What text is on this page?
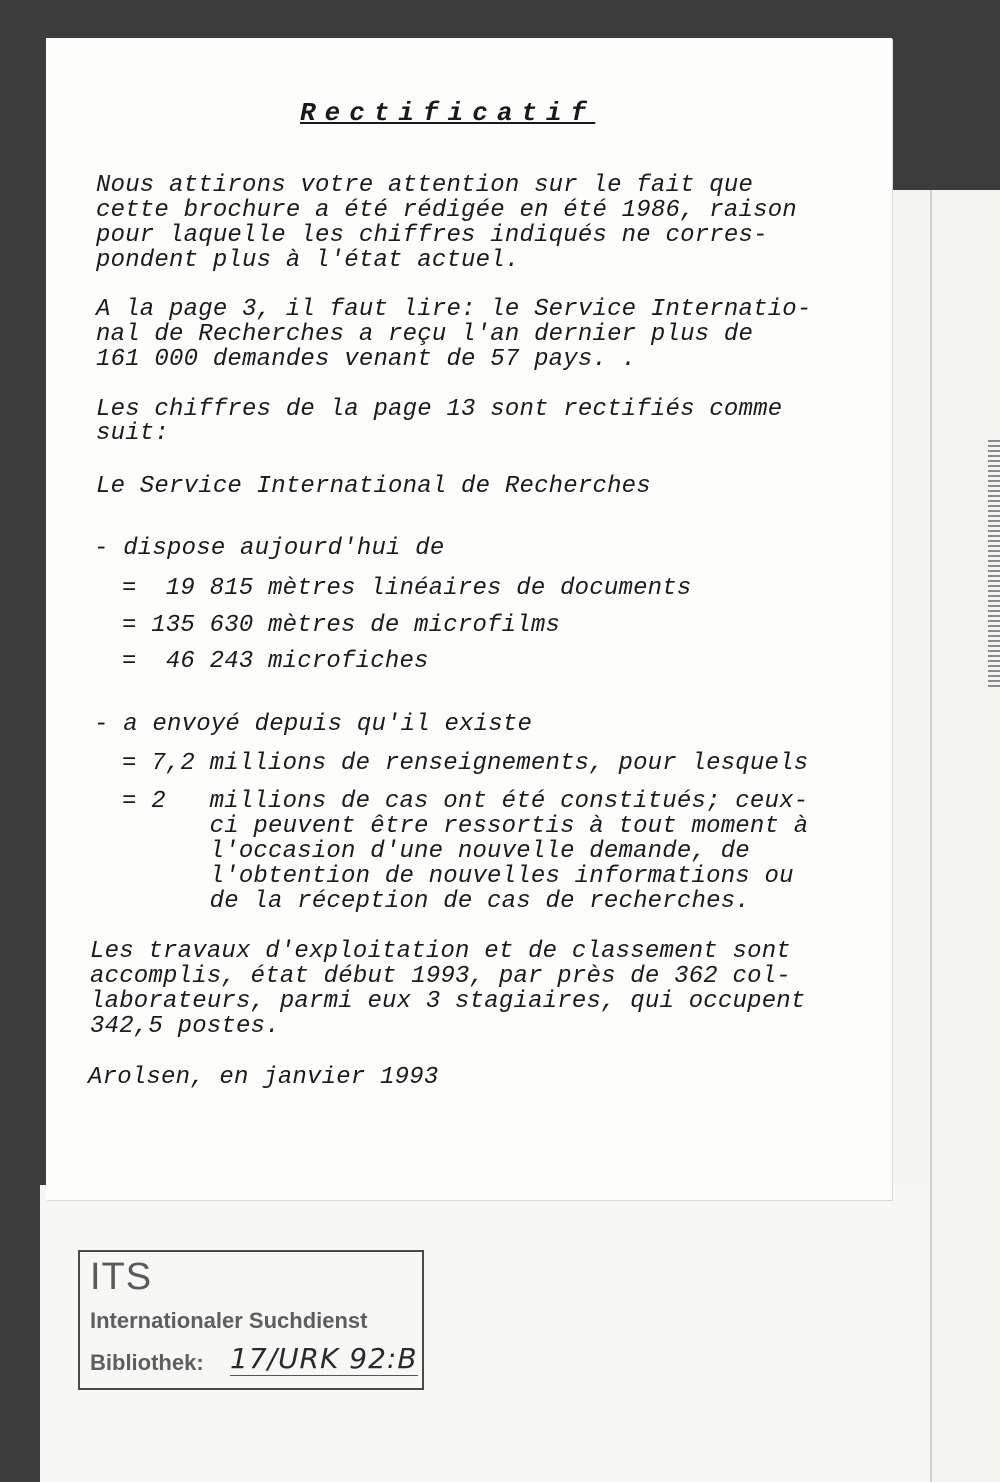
Rectificatif
Nous attirons votre attention sur le fait que
cette brochure a été rédigée en été 1986, raison
pour laquelle les chiffres indiqués ne corres-
pondent plus à l'état actuel.
A la page 3, il faut lire: le Service Internatio-
nal de Recherches a reçu l'an dernier plus de
161 000 demandes venant de 57 pays. .
Les chiffres de la page 13 sont rectifiés comme
suit:
Le Service International de Recherches
- dispose aujourd'hui de
=  19 815 mètres linéaires de documents
= 135 630 mètres de microfilms
=  46 243 microfiches
- a envoyé depuis qu'il existe
= 7,2 millions de renseignements, pour lesquels
= 2   millions de cas ont été constitués; ceux-
ci peuvent être ressortis à tout moment à
l'occasion d'une nouvelle demande, de
l'obtention de nouvelles informations ou
de la réception de cas de recherches.
Les travaux d'exploitation et de classement sont
accomplis, état début 1993, par près de 362 col-
laborateurs, parmi eux 3 stagiaires, qui occupent
342,5 postes.
Arolsen, en janvier 1993
ITS
Internationaler Suchdienst
Bibliothek: 17/URK 92:B
